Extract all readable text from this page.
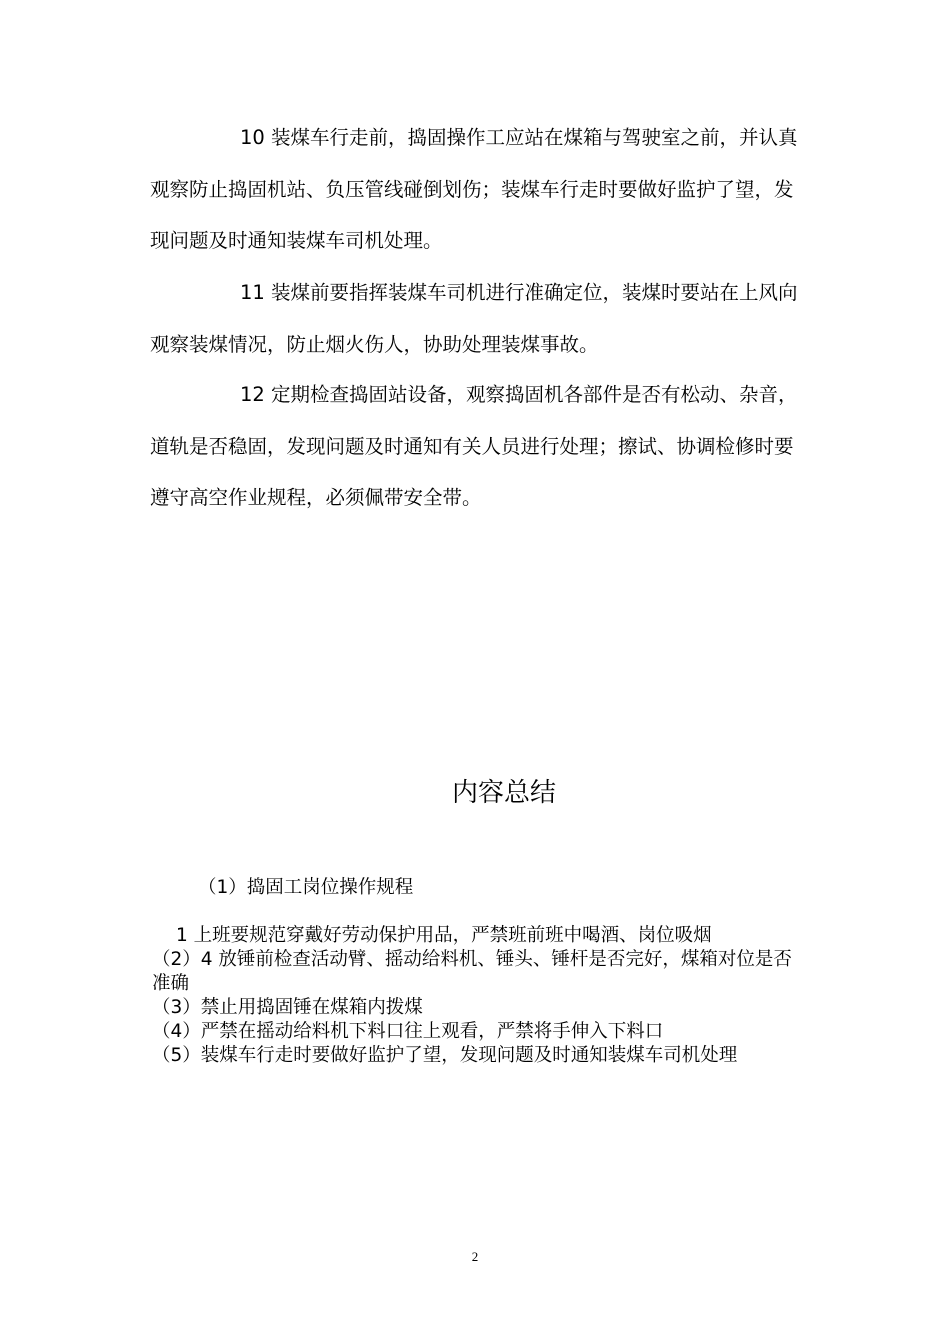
10 装煤车行走前，捣固操作工应站在煤箱与驾驶室之前，并认真观察防止捣固机站、负压管线碰倒划伤；装煤车行走时要做好监护了望，发现问题及时通知装煤车司机处理。

11 装煤前要指挥装煤车司机进行准确定位，装煤时要站在上风向观察装煤情况，防止烟火伤人，协助处理装煤事故。

12 定期检查捣固站设备，观察捣固机各部件是否有松动、杂音，道轨是否稳固，发现问题及时通知有关人员进行处理；擦试、协调检修时要遵守高空作业规程，必须佩带安全带。

内容总结

（1）捣固工岗位操作规程

1 上班要规范穿戴好劳动保护用品，严禁班前班中喝酒、岗位吸烟
（2）4 放锤前检查活动臂、摇动给料机、锤头、锤杆是否完好，煤箱对位是否准确
（3）禁止用捣固锤在煤箱内拨煤
（4）严禁在摇动给料机下料口往上观看，严禁将手伸入下料口
（5）装煤车行走时要做好监护了望，发现问题及时通知装煤车司机处理
2
